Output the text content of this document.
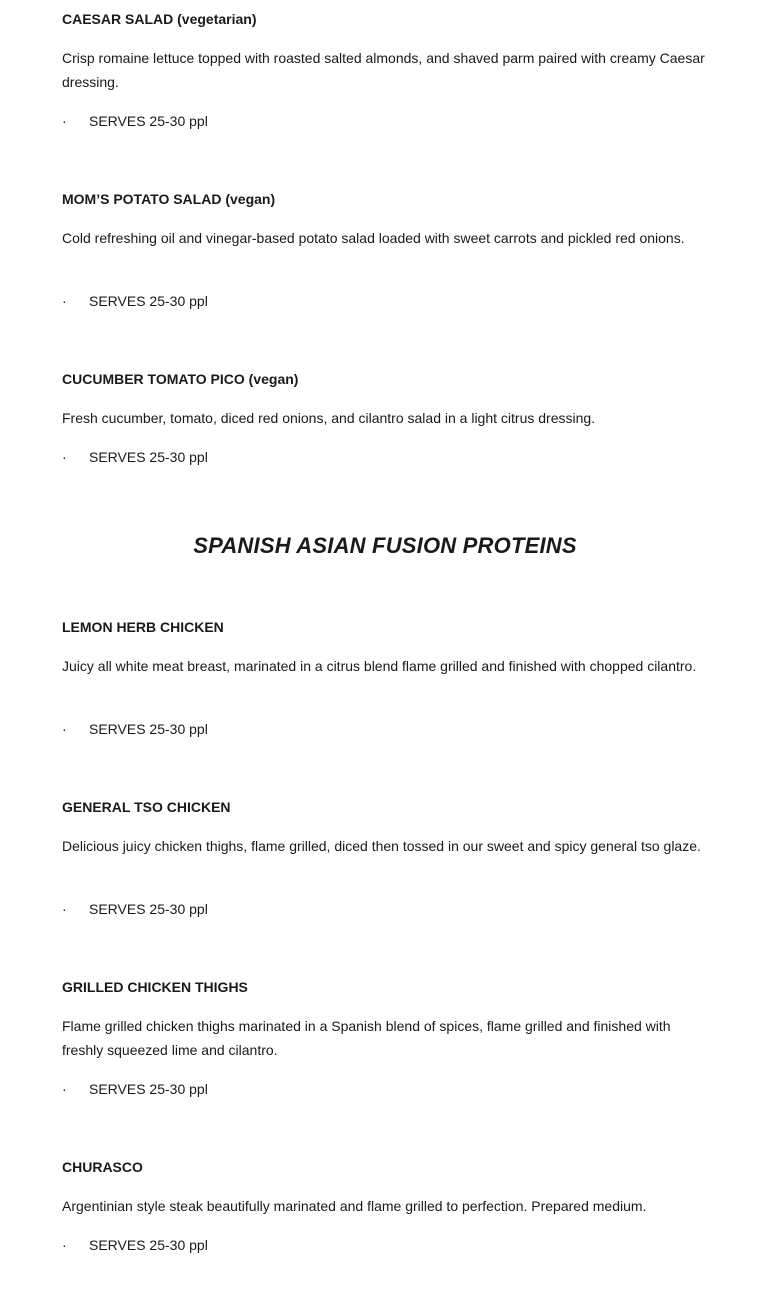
CAESAR SALAD (vegetarian)
Crisp romaine lettuce topped with roasted salted almonds, and shaved parm paired with creamy Caesar dressing.
· SERVES 25-30 ppl
MOM’S POTATO SALAD (vegan)
Cold refreshing oil and vinegar-based potato salad loaded with sweet carrots and pickled red onions.
· SERVES 25-30 ppl
CUCUMBER TOMATO PICO (vegan)
Fresh cucumber, tomato, diced red onions, and cilantro salad in a light citrus dressing.
· SERVES 25-30 ppl
SPANISH ASIAN FUSION PROTEINS
LEMON HERB CHICKEN
Juicy all white meat breast, marinated in a citrus blend flame grilled and finished with chopped cilantro.
· SERVES 25-30 ppl
GENERAL TSO CHICKEN
Delicious juicy chicken thighs, flame grilled, diced then tossed in our sweet and spicy general tso glaze.
· SERVES 25-30 ppl
GRILLED CHICKEN THIGHS
Flame grilled chicken thighs marinated in a Spanish blend of spices, flame grilled and finished with freshly squeezed lime and cilantro.
· SERVES 25-30 ppl
CHURASCO
Argentinian style steak beautifully marinated and flame grilled to perfection. Prepared medium.
· SERVES 25-30 ppl
